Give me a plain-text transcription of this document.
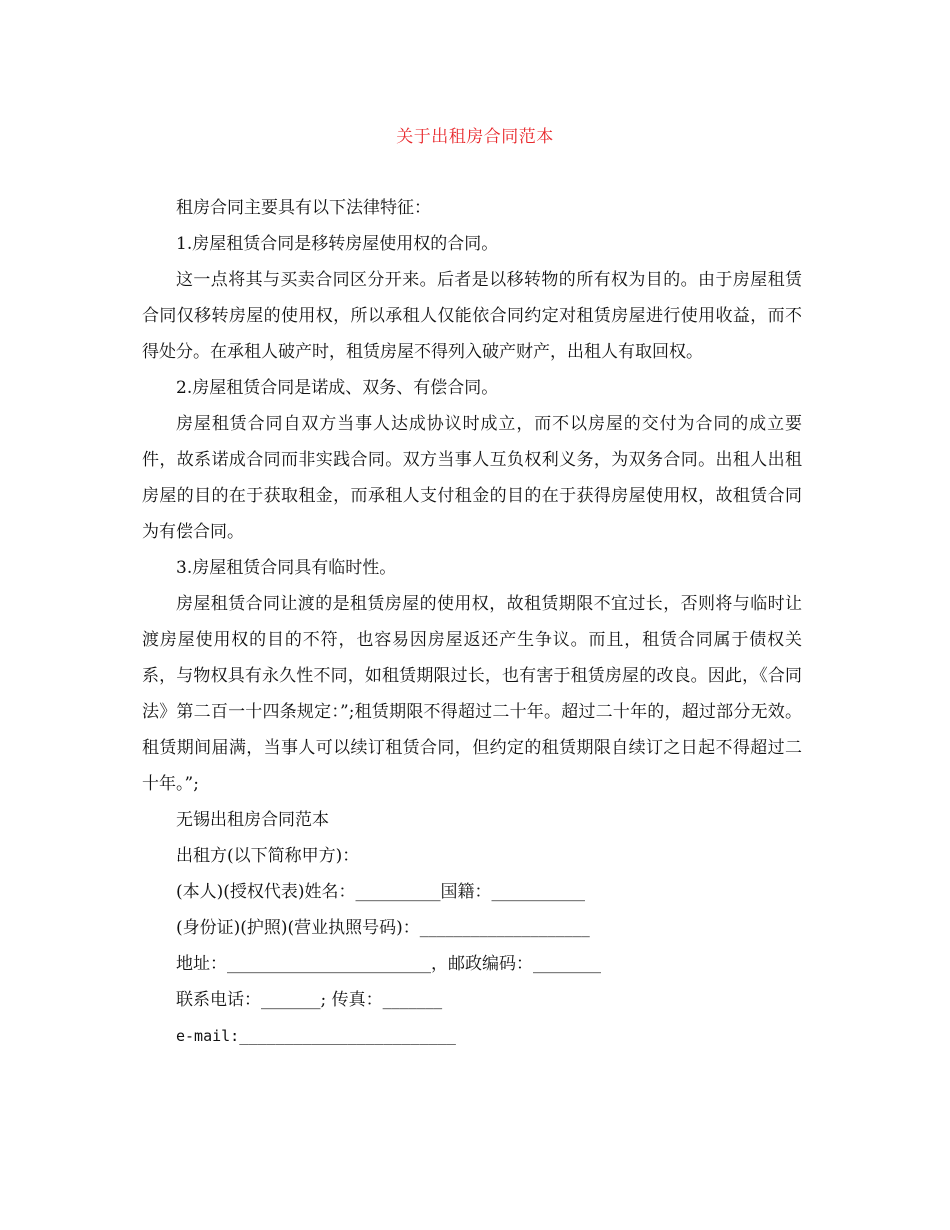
关于出租房合同范本

租房合同主要具有以下法律特征：

1.房屋租赁合同是移转房屋使用权的合同。

这一点将其与买卖合同区分开来。后者是以移转物的所有权为目的。由于房屋租赁合同仅移转房屋的使用权，所以承租人仅能依合同约定对租赁房屋进行使用收益，而不得处分。在承租人破产时，租赁房屋不得列入破产财产，出租人有取回权。

2.房屋租赁合同是诺成、双务、有偿合同。

房屋租赁合同自双方当事人达成协议时成立，而不以房屋的交付为合同的成立要件，故系诺成合同而非实践合同。双方当事人互负权利义务，为双务合同。出租人出租房屋的目的在于获取租金，而承租人支付租金的目的在于获得房屋使用权，故租赁合同为有偿合同。

3.房屋租赁合同具有临时性。

房屋租赁合同让渡的是租赁房屋的使用权，故租赁期限不宜过长，否则将与临时让渡房屋使用权的目的不符，也容易因房屋返还产生争议。而且，租赁合同属于债权关系，与物权具有永久性不同，如租赁期限过长，也有害于租赁房屋的改良。因此，《合同法》第二百一十四条规定：”;租赁期限不得超过二十年。超过二十年的，超过部分无效。租赁期间届满，当事人可以续订租赁合同，但约定的租赁期限自续订之日起不得超过二十年。”;

无锡出租房合同范本

出租方(以下简称甲方)：

(本人)(授权代表)姓名：__________国籍：___________

(身份证)(护照)(营业执照号码)：____________________

地址：________________________，邮政编码：________

联系电话：_______; 传真：_______

e-mail:________________________
